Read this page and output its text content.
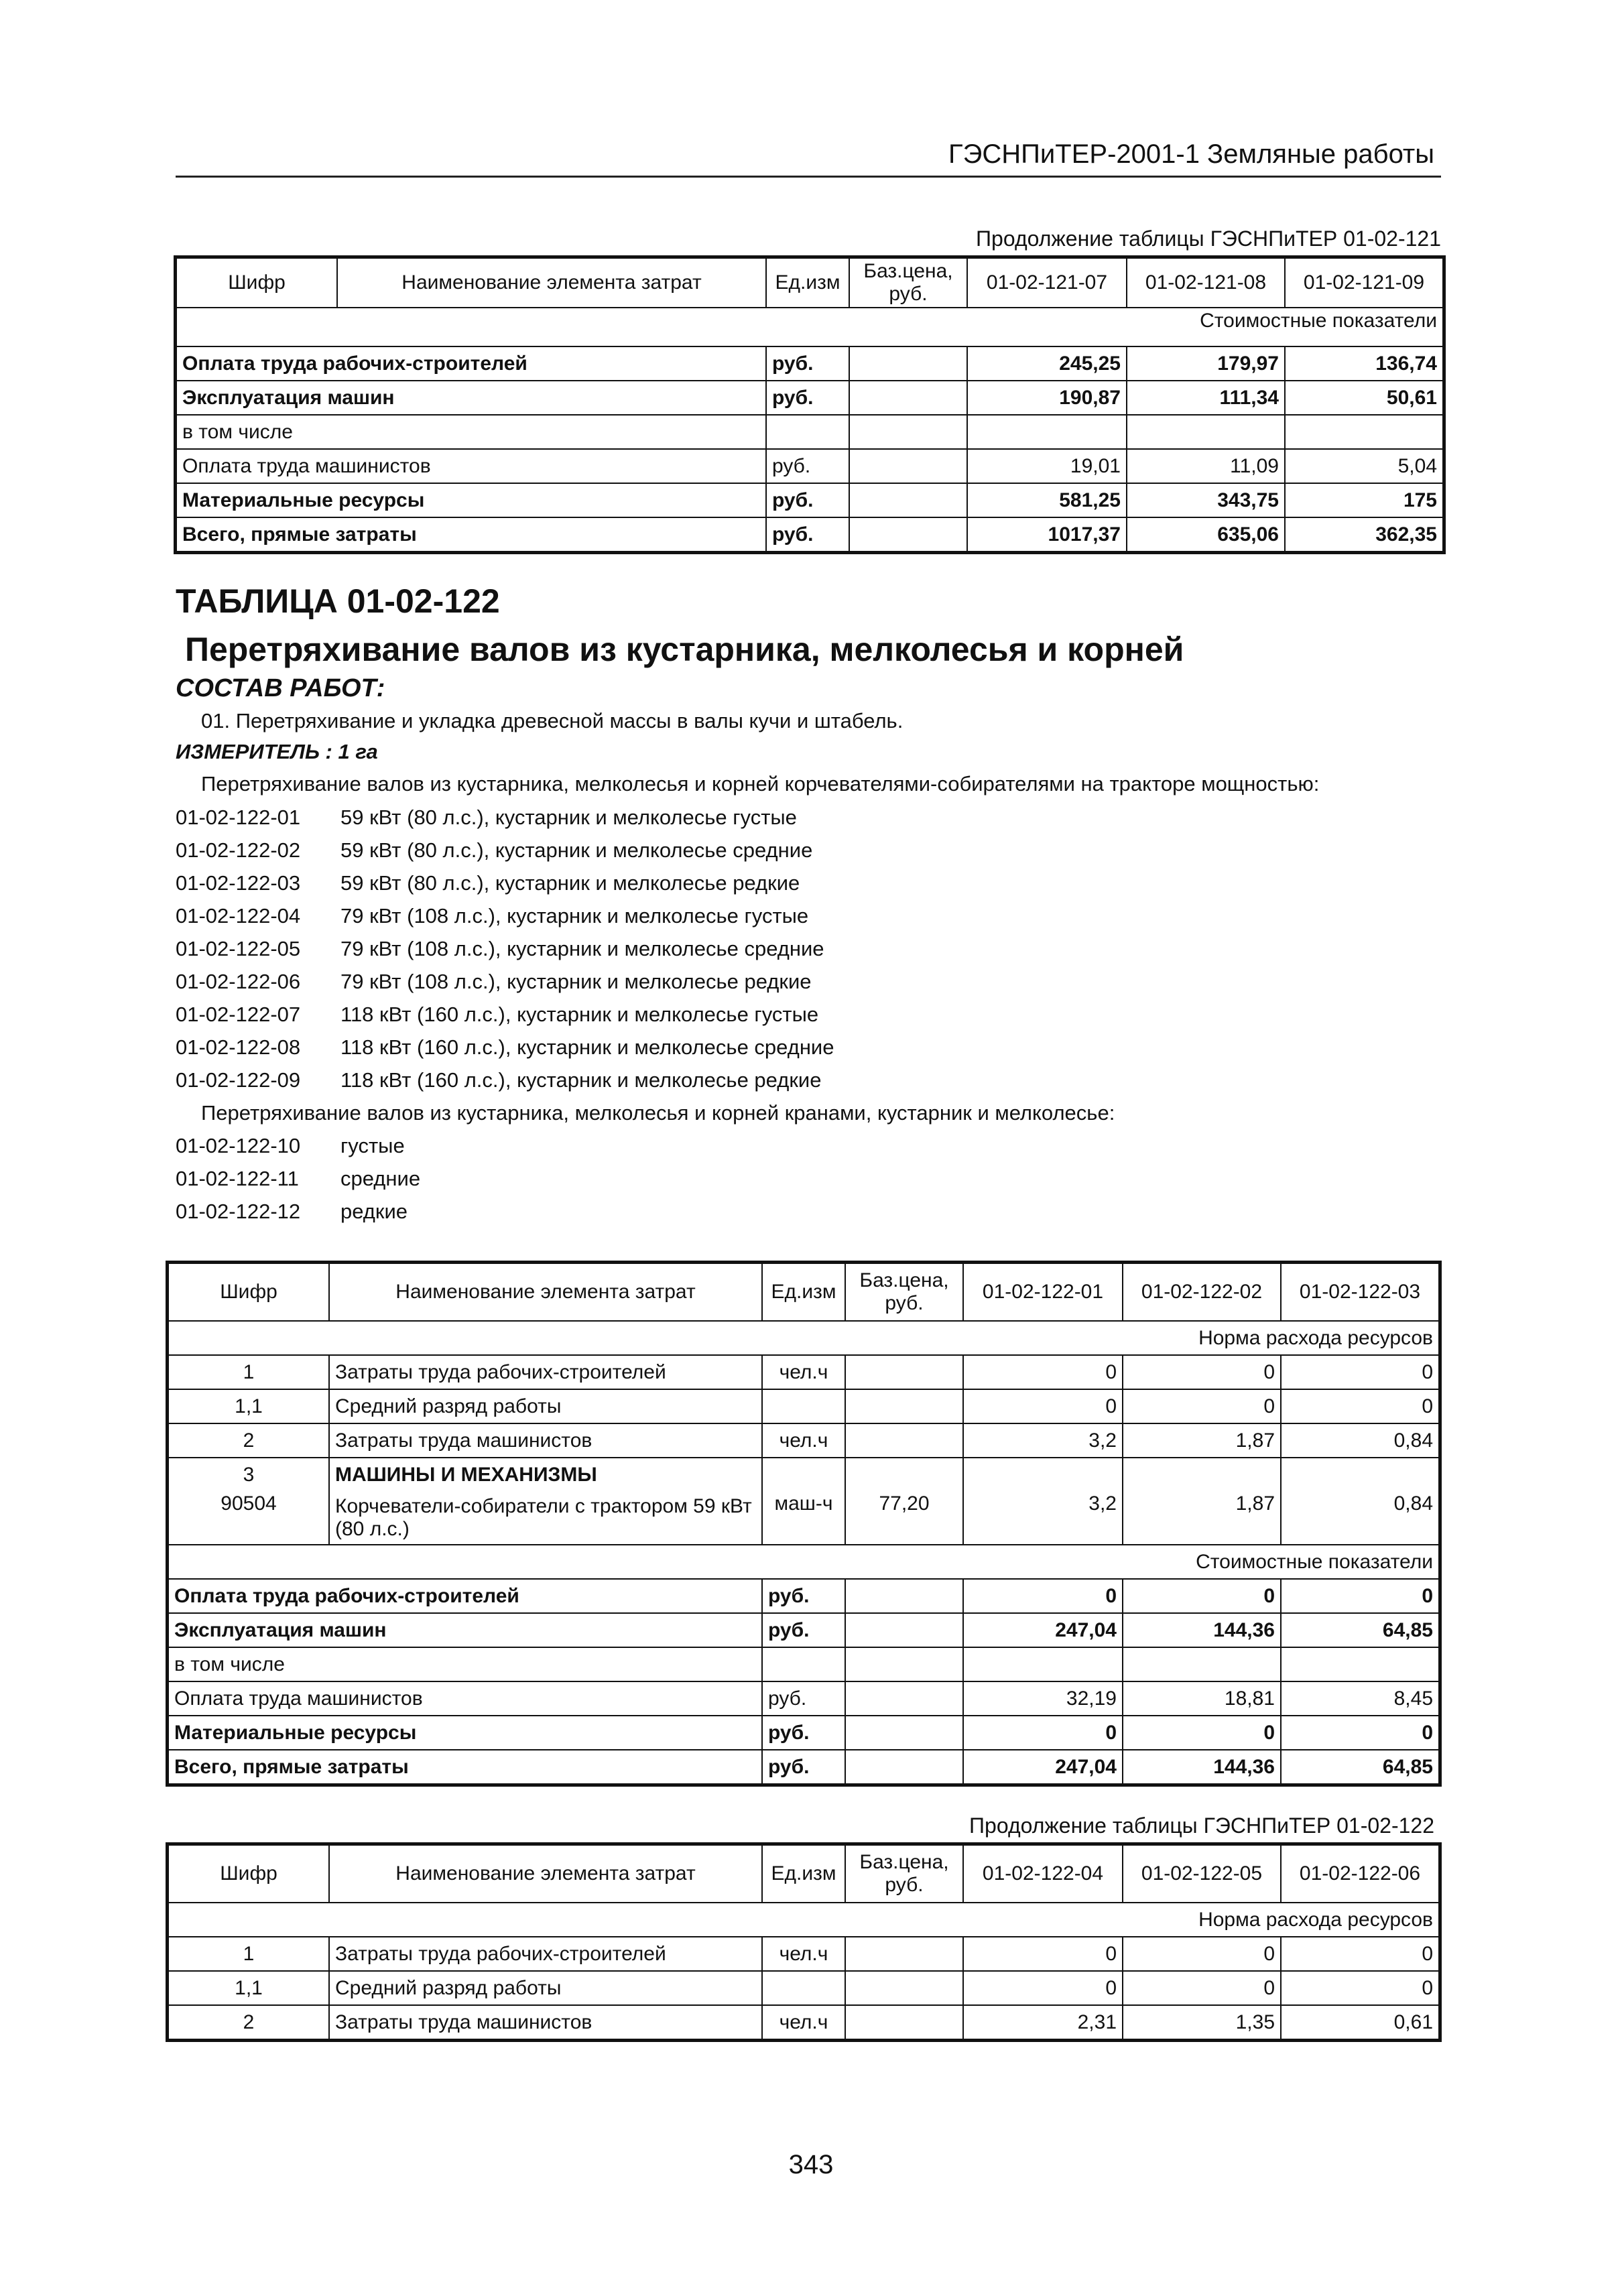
ГЭСНПиТЕР-2001-1 Земляные работы
Продолжение таблицы ГЭСНПиТЕР 01-02-121
Шифр	Наименование элемента затрат	Ед.изм	Баз.цена, руб.	01-02-121-07	01-02-121-08	01-02-121-09
Стоимостные показатели						
Оплата труда рабочих-строителей		руб.		245,25	179,97	136,74
Эксплуатация машин		руб.		190,87	111,34	50,61
в том числе						
Оплата труда машинистов		руб.		19,01	11,09	5,04
Материальные ресурсы		руб.		581,25	343,75	175
Всего, прямые затраты		руб.		1017,37	635,06	362,35
ТАБЛИЦА 01-02-122
Перетряхивание валов из кустарника, мелколесья и корней
СОСТАВ РАБОТ:
01. Перетряхивание и укладка древесной массы в валы кучи и штабель.
ИЗМЕРИТЕЛЬ : 1 га
Перетряхивание валов из кустарника, мелколесья и корней корчевателями-собирателями на тракторе мощностью:
01-02-122-01 59 кВт (80 л.с.), кустарник и мелколесье густые
01-02-122-02 59 кВт (80 л.с.), кустарник и мелколесье средние
01-02-122-03 59 кВт (80 л.с.), кустарник и мелколесье редкие
01-02-122-04 79 кВт (108 л.с.), кустарник и мелколесье густые
01-02-122-05 79 кВт (108 л.с.), кустарник и мелколесье средние
01-02-122-06 79 кВт (108 л.с.), кустарник и мелколесье редкие
01-02-122-07 118 кВт (160 л.с.), кустарник и мелколесье густые
01-02-122-08 118 кВт (160 л.с.), кустарник и мелколесье средние
01-02-122-09 118 кВт (160 л.с.), кустарник и мелколесье редкие
Перетряхивание валов из кустарника, мелколесья и корней кранами, кустарник и мелколесье:
01-02-122-10 густые
01-02-122-11 средние
01-02-122-12 редкие
Шифр	Наименование элемента затрат	Ед.изм	Баз.цена, руб.	01-02-122-01	01-02-122-02	01-02-122-03
Норма расхода ресурсов						
1	Затраты труда рабочих-строителей	чел.ч		0	0	0
1,1	Средний разряд работы			0	0	0
2	Затраты труда машинистов	чел.ч		3,2	1,87	0,84
3	МАШИНЫ И МЕХАНИЗМЫ					
90504	Корчеватели-собиратели с трактором 59 кВт (80 л.с.)	маш-ч	77,20	3,2	1,87	0,84
Стоимостные показатели						
Оплата труда рабочих-строителей		руб.		0	0	0
Эксплуатация машин		руб.		247,04	144,36	64,85
в том числе						
Оплата труда машинистов		руб.		32,19	18,81	8,45
Материальные ресурсы		руб.		0	0	0
Всего, прямые затраты		руб.		247,04	144,36	64,85
Продолжение таблицы ГЭСНПиТЕР 01-02-122
Шифр	Наименование элемента затрат	Ед.изм	Баз.цена, руб.	01-02-122-04	01-02-122-05	01-02-122-06
Норма расхода ресурсов						
1	Затраты труда рабочих-строителей	чел.ч		0	0	0
1,1	Средний разряд работы			0	0	0
2	Затраты труда машинистов	чел.ч		2,31	1,35	0,61
343
